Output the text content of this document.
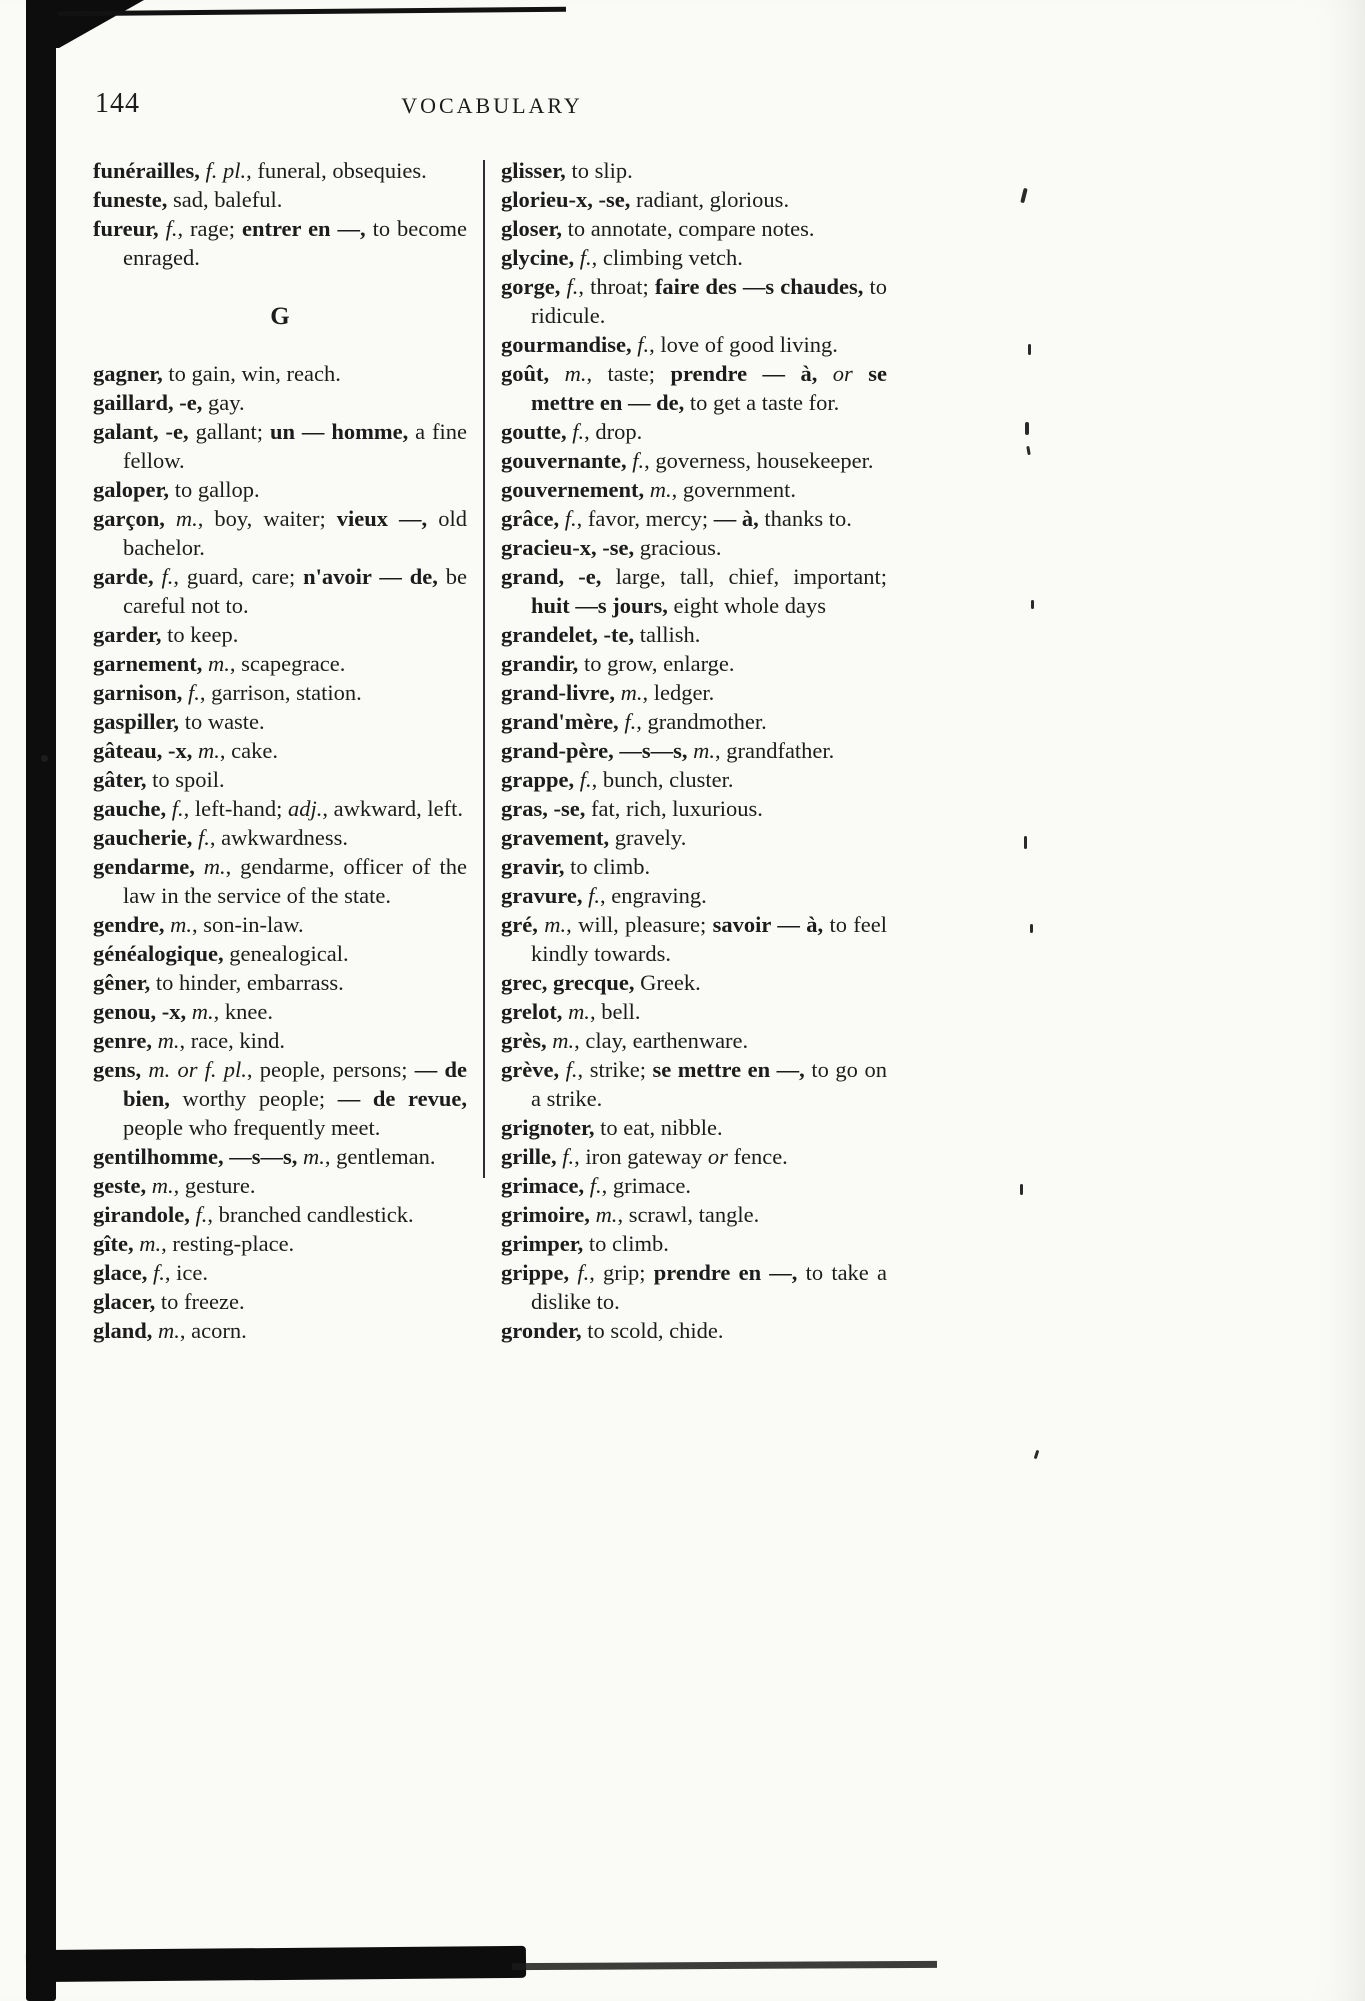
144	VOCABULARY

funérailles, f. pl., funeral, obsequies.

funeste, sad, baleful.

fureur, f., rage; entrer en —, to become enraged.

G

gagner, to gain, win, reach.

gaillard, -e, gay.

galant, -e, gallant; un — homme, a fine fellow.

galoper, to gallop.

garçon, m., boy, waiter; vieux —, old bachelor.

garde, f., guard, care; n'avoir — de, be careful not to.

garder, to keep.

garnement, m., scapegrace.

garnison, f., garrison, station.

gaspiller, to waste.

gâteau, -x, m., cake.

gâter, to spoil.

gauche, f., left-hand; adj., awkward, left.

gaucherie, f., awkwardness.

gendarme, m., gendarme, officer of the law in the service of the state.

gendre, m., son-in-law.

généalogique, genealogical.

gêner, to hinder, embarrass.

genou, -x, m., knee.

genre, m., race, kind.

gens, m. or f. pl., people, persons; — de bien, worthy people; — de revue, people who frequently meet.

gentilhomme, —s—s, m., gentleman.

geste, m., gesture.

girandole, f., branched candlestick.

gîte, m., resting-place.

glace, f., ice.

glacer, to freeze.

gland, m., acorn.

glisser, to slip.

glorieu-x, -se, radiant, glorious.

gloser, to annotate, compare notes.

glycine, f., climbing vetch.

gorge, f., throat; faire des —s chaudes, to ridicule.

gourmandise, f., love of good living.

goût, m., taste; prendre — à, or se mettre en — de, to get a taste for.

goutte, f., drop.

gouvernante, f., governess, housekeeper.

gouvernement, m., government.

grâce, f., favor, mercy; — à, thanks to.

gracieu-x, -se, gracious.

grand, -e, large, tall, chief, important; huit —s jours, eight whole days

grandelet, -te, tallish.

grandir, to grow, enlarge.

grand-livre, m., ledger.

grand'mère, f., grandmother.

grand-père, —s—s, m., grandfather.

grappe, f., bunch, cluster.

gras, -se, fat, rich, luxurious.

gravement, gravely.

gravir, to climb.

gravure, f., engraving.

gré, m., will, pleasure; savoir — à, to feel kindly towards.

grec, grecque, Greek.

grelot, m., bell.

grès, m., clay, earthenware.

grève, f., strike; se mettre en —, to go on a strike.

grignoter, to eat, nibble.

grille, f., iron gateway or fence.

grimace, f., grimace.

grimoire, m., scrawl, tangle.

grimper, to climb.

grippe, f., grip; prendre en —, to take a dislike to.

gronder, to scold, chide.
